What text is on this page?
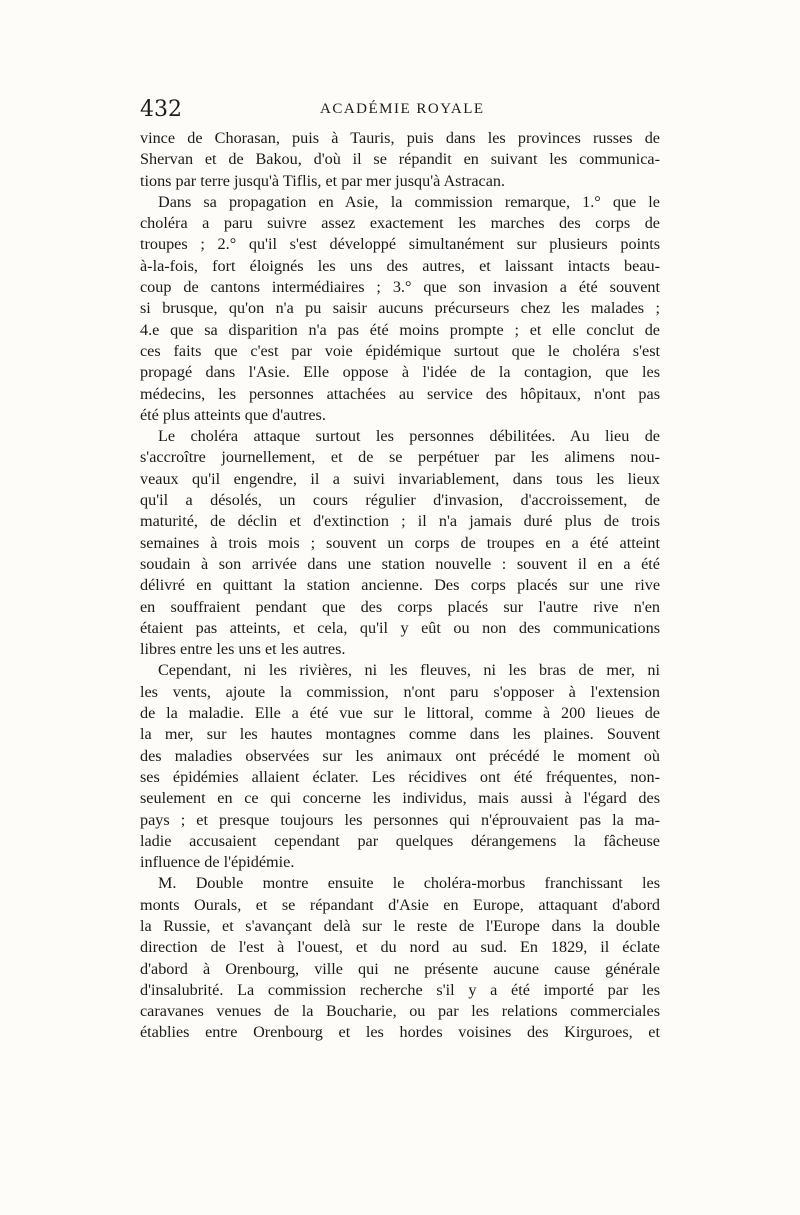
432	ACADÉMIE ROYALE
vince de Chorasan, puis à Tauris, puis dans les provinces russes de
Shervan et de Bakou, d'où il se répandit en suivant les communica-
tions par terre jusqu'à Tiflis, et par mer jusqu'à Astracan.
Dans sa propagation en Asie, la commission remarque, 1.° que le
choléra a paru suivre assez exactement les marches des corps de
troupes ; 2.° qu'il s'est développé simultanément sur plusieurs points
à-la-fois, fort éloignés les uns des autres, et laissant intacts beau-
coup de cantons intermédiaires ; 3.° que son invasion a été souvent
si brusque, qu'on n'a pu saisir aucuns précurseurs chez les malades ;
4.e que sa disparition n'a pas été moins prompte ; et elle conclut de
ces faits que c'est par voie épidémique surtout que le choléra s'est
propagé dans l'Asie. Elle oppose à l'idée de la contagion, que les
médecins, les personnes attachées au service des hôpitaux, n'ont pas
été plus atteints que d'autres.
Le choléra attaque surtout les personnes débilitées. Au lieu de
s'accroître journellement, et de se perpétuer par les alimens nou-
veaux qu'il engendre, il a suivi invariablement, dans tous les lieux
qu'il a désolés, un cours régulier d'invasion, d'accroissement, de
maturité, de déclin et d'extinction ; il n'a jamais duré plus de trois
semaines à trois mois ; souvent un corps de troupes en a été atteint
soudain à son arrivée dans une station nouvelle : souvent il en a été
délivré en quittant la station ancienne. Des corps placés sur une rive
en souffraient pendant que des corps placés sur l'autre rive n'en
étaient pas atteints, et cela, qu'il y eût ou non des communications
libres entre les uns et les autres.
Cependant, ni les rivières, ni les fleuves, ni les bras de mer, ni
les vents, ajoute la commission, n'ont paru s'opposer à l'extension
de la maladie. Elle a été vue sur le littoral, comme à 200 lieues de
la mer, sur les hautes montagnes comme dans les plaines. Souvent
des maladies observées sur les animaux ont précédé le moment où
ses épidémies allaient éclater. Les récidives ont été fréquentes, non-
seulement en ce qui concerne les individus, mais aussi à l'égard des
pays ; et presque toujours les personnes qui n'éprouvaient pas la ma-
ladie accusaient cependant par quelques dérangemens la fâcheuse
influence de l'épidémie.
M. Double montre ensuite le choléra-morbus franchissant les
monts Ourals, et se répandant d'Asie en Europe, attaquant d'abord
la Russie, et s'avançant delà sur le reste de l'Europe dans la double
direction de l'est à l'ouest, et du nord au sud. En 1829, il éclate
d'abord à Orenbourg, ville qui ne présente aucune cause générale
d'insalubrité. La commission recherche s'il y a été importé par les
caravanes venues de la Boucharie, ou par les relations commerciales
établies entre Orenbourg et les hordes voisines des Kirguroes, et
